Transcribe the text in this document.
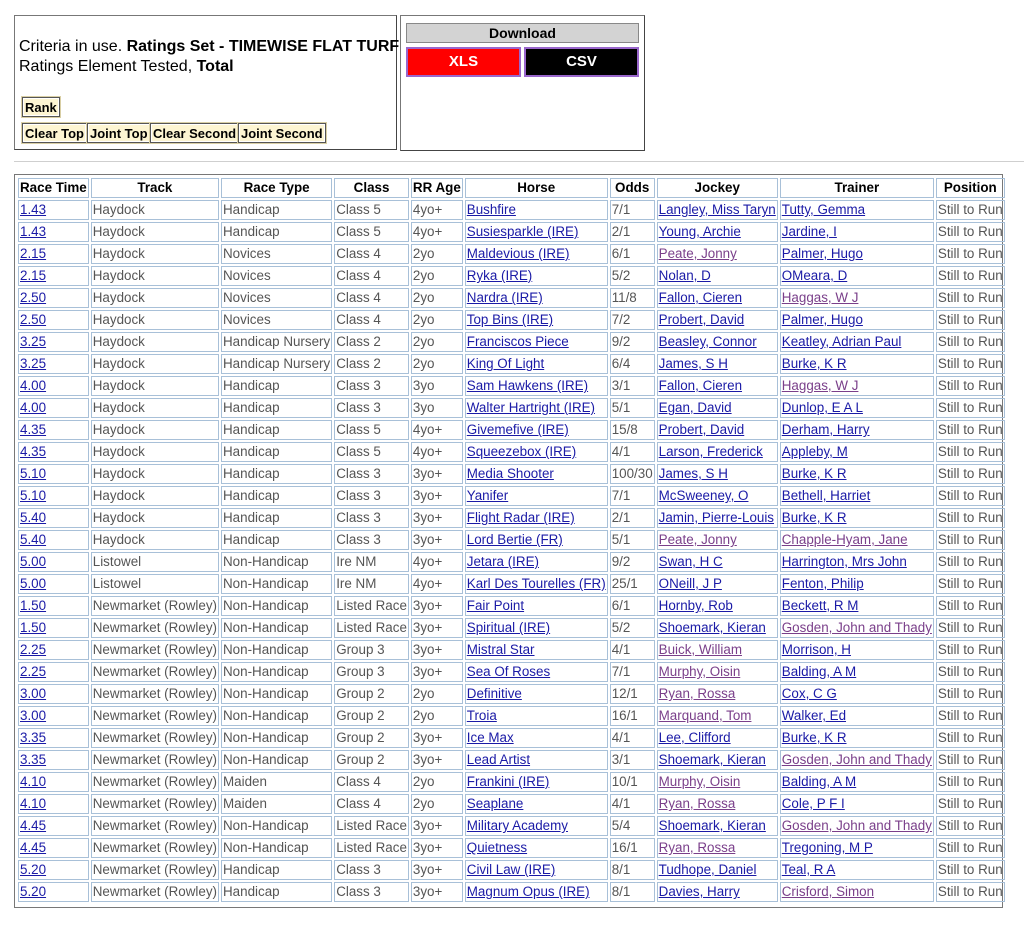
Criteria in use. Ratings Set - TIMEWISE FLAT TURF
Ratings Element Tested, Total
Rank
Clear Top Joint Top Clear Second Joint Second
Download
XLS	CSV
Race Time	Track	Race Type	Class	RR Age	Horse	Odds	Jockey	Trainer	Position
1.43	Haydock	Handicap	Class 5	4yo+	Bushfire	7/1	Langley, Miss Taryn	Tutty, Gemma	Still to Run
1.43	Haydock	Handicap	Class 5	4yo+	Susiesparkle (IRE)	2/1	Young, Archie	Jardine, I	Still to Run
2.15	Haydock	Novices	Class 4	2yo	Maldevious (IRE)	6/1	Peate, Jonny	Palmer, Hugo	Still to Run
2.15	Haydock	Novices	Class 4	2yo	Ryka (IRE)	5/2	Nolan, D	OMeara, D	Still to Run
2.50	Haydock	Novices	Class 4	2yo	Nardra (IRE)	11/8	Fallon, Cieren	Haggas, W J	Still to Run
2.50	Haydock	Novices	Class 4	2yo	Top Bins (IRE)	7/2	Probert, David	Palmer, Hugo	Still to Run
3.25	Haydock	Handicap Nursery	Class 2	2yo	Franciscos Piece	9/2	Beasley, Connor	Keatley, Adrian Paul	Still to Run
3.25	Haydock	Handicap Nursery	Class 2	2yo	King Of Light	6/4	James, S H	Burke, K R	Still to Run
4.00	Haydock	Handicap	Class 3	3yo	Sam Hawkens (IRE)	3/1	Fallon, Cieren	Haggas, W J	Still to Run
4.00	Haydock	Handicap	Class 3	3yo	Walter Hartright (IRE)	5/1	Egan, David	Dunlop, E A L	Still to Run
4.35	Haydock	Handicap	Class 5	4yo+	Givemefive (IRE)	15/8	Probert, David	Derham, Harry	Still to Run
4.35	Haydock	Handicap	Class 5	4yo+	Squeezebox (IRE)	4/1	Larson, Frederick	Appleby, M	Still to Run
5.10	Haydock	Handicap	Class 3	3yo+	Media Shooter	100/30	James, S H	Burke, K R	Still to Run
5.10	Haydock	Handicap	Class 3	3yo+	Yanifer	7/1	McSweeney, O	Bethell, Harriet	Still to Run
5.40	Haydock	Handicap	Class 3	3yo+	Flight Radar (IRE)	2/1	Jamin, Pierre-Louis	Burke, K R	Still to Run
5.40	Haydock	Handicap	Class 3	3yo+	Lord Bertie (FR)	5/1	Peate, Jonny	Chapple-Hyam, Jane	Still to Run
5.00	Listowel	Non-Handicap	Ire NM	4yo+	Jetara (IRE)	9/2	Swan, H C	Harrington, Mrs John	Still to Run
5.00	Listowel	Non-Handicap	Ire NM	4yo+	Karl Des Tourelles (FR)	25/1	ONeill, J P	Fenton, Philip	Still to Run
1.50	Newmarket (Rowley)	Non-Handicap	Listed Race	3yo+	Fair Point	6/1	Hornby, Rob	Beckett, R M	Still to Run
1.50	Newmarket (Rowley)	Non-Handicap	Listed Race	3yo+	Spiritual (IRE)	5/2	Shoemark, Kieran	Gosden, John and Thady	Still to Run
2.25	Newmarket (Rowley)	Non-Handicap	Group 3	3yo+	Mistral Star	4/1	Buick, William	Morrison, H	Still to Run
2.25	Newmarket (Rowley)	Non-Handicap	Group 3	3yo+	Sea Of Roses	7/1	Murphy, Oisin	Balding, A M	Still to Run
3.00	Newmarket (Rowley)	Non-Handicap	Group 2	2yo	Definitive	12/1	Ryan, Rossa	Cox, C G	Still to Run
3.00	Newmarket (Rowley)	Non-Handicap	Group 2	2yo	Troia	16/1	Marquand, Tom	Walker, Ed	Still to Run
3.35	Newmarket (Rowley)	Non-Handicap	Group 2	3yo+	Ice Max	4/1	Lee, Clifford	Burke, K R	Still to Run
3.35	Newmarket (Rowley)	Non-Handicap	Group 2	3yo+	Lead Artist	3/1	Shoemark, Kieran	Gosden, John and Thady	Still to Run
4.10	Newmarket (Rowley)	Maiden	Class 4	2yo	Frankini (IRE)	10/1	Murphy, Oisin	Balding, A M	Still to Run
4.10	Newmarket (Rowley)	Maiden	Class 4	2yo	Seaplane	4/1	Ryan, Rossa	Cole, P F I	Still to Run
4.45	Newmarket (Rowley)	Non-Handicap	Listed Race	3yo+	Military Academy	5/4	Shoemark, Kieran	Gosden, John and Thady	Still to Run
4.45	Newmarket (Rowley)	Non-Handicap	Listed Race	3yo+	Quietness	16/1	Ryan, Rossa	Tregoning, M P	Still to Run
5.20	Newmarket (Rowley)	Handicap	Class 3	3yo+	Civil Law (IRE)	8/1	Tudhope, Daniel	Teal, R A	Still to Run
5.20	Newmarket (Rowley)	Handicap	Class 3	3yo+	Magnum Opus (IRE)	8/1	Davies, Harry	Crisford, Simon	Still to Run
